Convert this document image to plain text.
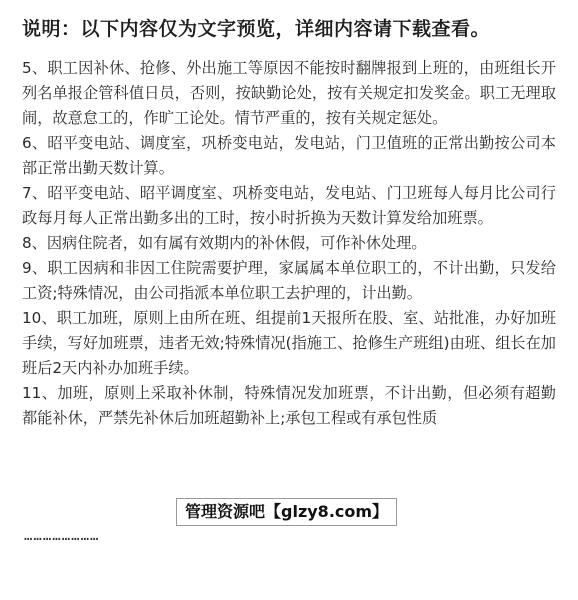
说明：以下内容仅为文字预览，详细内容请下载查看。

5、职工因补休、抢修、外出施工等原因不能按时翻牌报到上班的，由班组长开列名单报企管科值日员，否则，按缺勤论处，按有关规定扣发奖金。职工无理取闹，故意怠工的，作旷工论处。情节严重的，按有关规定惩处。

6、昭平变电站、调度室，巩桥变电站，发电站，门卫值班的正常出勤按公司本部正常出勤天数计算。

7、昭平变电站、昭平调度室、巩桥变电站，发电站、门卫班每人每月比公司行政每月每人正常出勤多出的工时，按小时折换为天数计算发给加班票。

8、因病住院者，如有属有效期内的补休假，可作补休处理。

9、职工因病和非因工住院需要护理，家属属本单位职工的，不计出勤，只发给工资;特殊情况，由公司指派本单位职工去护理的，计出勤。

10、职工加班，原则上由所在班、组提前1天报所在股、室、站批准，办好加班手续，写好加班票，违者无效;特殊情况(指施工、抢修生产班组)由班、组长在加班后2天内补办加班手续。

11、加班，原则上采取补休制，特殊情况发加班票，不计出勤，但必须有超勤都能补休，严禁先补休后加班超勤补上;承包工程或有承包性质

管理资源吧【glzy8.com】
……………………
